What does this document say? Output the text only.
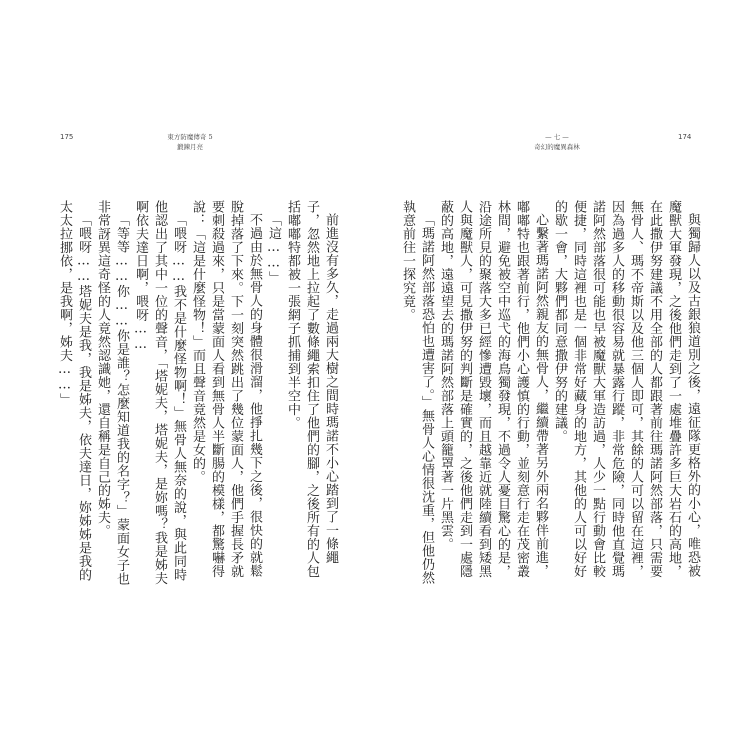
175	東方防魔傳奇 5
鍛鍊月亮

前進沒有多久，走過兩大樹之間時瑪諾不小心踏到了一條繩子，忽然地上拉起了數條繩索扣住了他們的腳，之後所有的人包括嘟嘟特都被一張網子抓捕到半空中。

「這……」

不過由於無骨人的身體很滑溜，他掙扎幾下之後，很快的就鬆脫掉落了下來。下一刻突然跳出了幾位蒙面人，他們手握長矛就要刺殺過來，只是當蒙面人看到無骨人半斷腸的模樣，都驚嚇得說：「這是什麼怪物！」而且聲音竟然是女的。

「喂呀……我不是什麼怪物啊！」無骨人無奈的說，與此同時他認出了其中一位的聲音，「塔妮夫，塔妮夫，是妳嗎？我是姊夫啊依夫達日啊，喂呀……

「等等……你……你是誰？怎麼知道我的名字？」蒙面女子也非常訝異這奇怪的人竟然認識她，還自稱是自己的姊夫。

「喂呀……塔妮夫是我，我是姊夫，依夫達日，妳姊姊是我的太太拉挪依，是我啊，姊夫……」

174
— 七 —
奇幻的魔異森林

與獨歸人以及古銀狼道別之後，遠征隊更格外的小心，唯恐被魔獸大軍發現，之後他們走到了一處堆疊許多巨大岩石的高地，在此撒伊努建議不用全部的人都跟著前往瑪諾阿然部落，只需要無骨人、瑪不帝斯以及他三個人即可，其餘的人可以留在這裡，因為過多人的移動很容易就暴露行蹤，非常危險，同時他直覺瑪諾阿然部落很可能也早被魔獸大軍造訪過，人少一點行動會比較便捷，同時這裡也是一個非常好藏身的地方，其他的人可以好好的歇一會，大夥們都同意撒伊努的建議。

心繫著瑪諾阿然親友的無骨人，繼續帶著另外兩名夥伴前進，嘟嘟特也跟著前行，他們小心護慎的行動，並刻意行走在茂密叢林間，避免被空中巡弋的海鳥獨發現，不過令人憂目驚心的是，沿途所見的聚落大多已經慘遭毀壞，而且越靠近就陸續看到矮黑人與魔獸人，可見撒伊努的判斷是確實的，之後他們走到一處隱蔽的高地，遠遠望去的瑪諾阿然部落上頭籠罩著一片黑雲。

「瑪諾阿然部落恐怕也遭害了。」無骨人心情很沈重，但他仍然執意前往一探究竟。
